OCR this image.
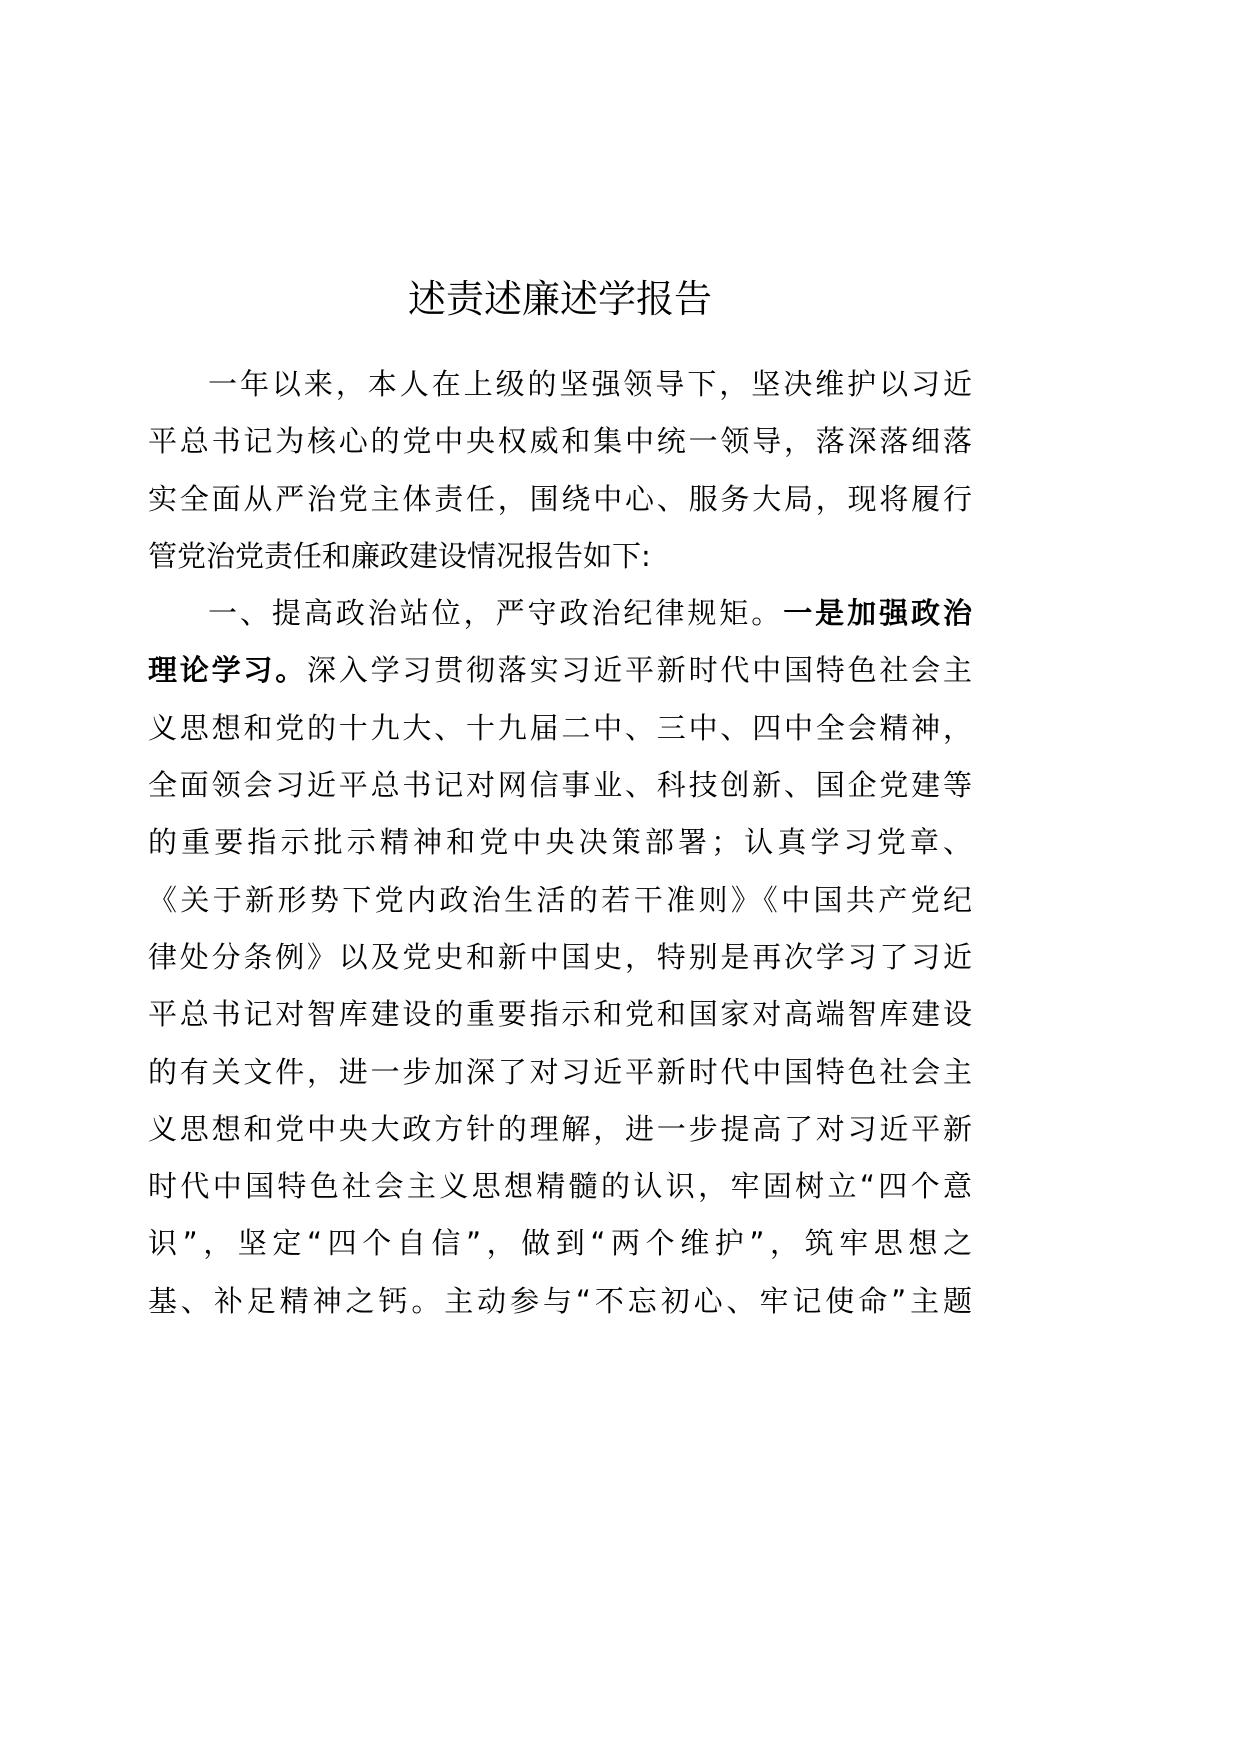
述责述廉述学报告
一年以来，本人在上级的坚强领导下，坚决维护以习近
平总书记为核心的党中央权威和集中统一领导，落深落细落
实全面从严治党主体责任，围绕中心、服务大局，现将履行
管党治党责任和廉政建设情况报告如下:
一、提高政治站位，严守政治纪律规矩。一是加强政治
理论学习。深入学习贯彻落实习近平新时代中国特色社会主
义思想和党的十九大、十九届二中、三中、四中全会精神，
全面领会习近平总书记对网信事业、科技创新、国企党建等
的重要指示批示精神和党中央决策部署；认真学习党章、
《关于新形势下党内政治生活的若干准则》《中国共产党纪
律处分条例》以及党史和新中国史，特别是再次学习了习近
平总书记对智库建设的重要指示和党和国家对高端智库建设
的有关文件，进一步加深了对习近平新时代中国特色社会主
义思想和党中央大政方针的理解，进一步提高了对习近平新
时代中国特色社会主义思想精髓的认识，牢固树立“四个意
识”，坚定“四个自信”，做到“两个维护”，筑牢思想之
基、补足精神之钙。主动参与“不忘初心、牢记使命”主题
